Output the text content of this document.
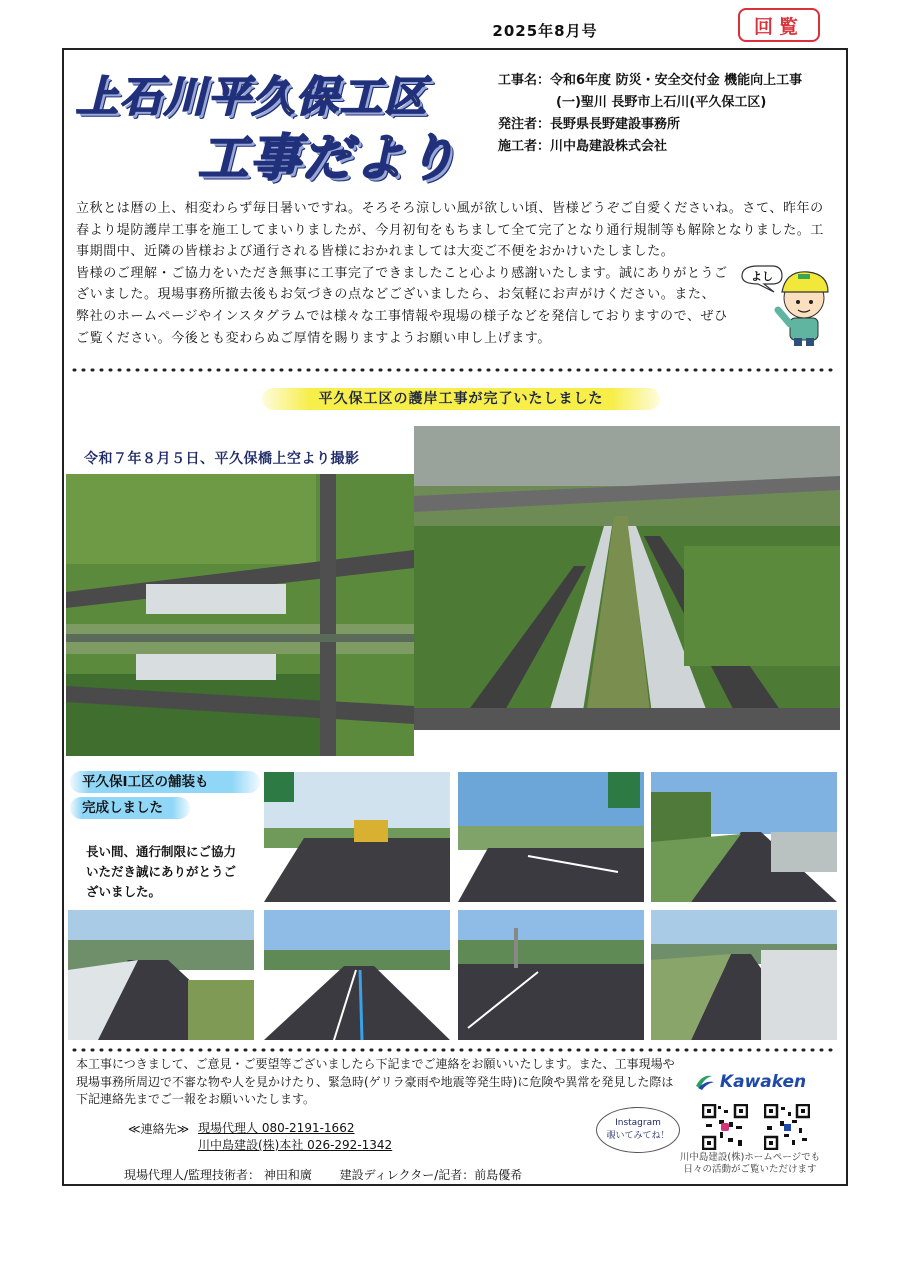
2025年8月号	回覧
上石川平久保工区
工事だより
工事名：令和6年度 防災・安全交付金 機能向上工事
(一)聖川 長野市上石川(平久保工区)
発注者：長野県長野建設事務所
施工者：川中島建設株式会社

立秋とは暦の上、相変わらず毎日暑いですね。そろそろ涼しい風が欲しい頃、皆様どうぞご自愛くださいね。さて、昨年の春より堤防護岸工事を施工してまいりましたが、今月初旬をもちまして全て完了となり通行規制等も解除となりました。工事期間中、近隣の皆様および通行される皆様におかれましては大変ご不便をおかけいたしました。

皆様のご理解・ご協力をいただき無事に工事完了できましたこと心より感謝いたします。誠にありがとうございました。現場事務所撤去後もお気づきの点などございましたら、お気軽にお声がけください。また、弊社のホームページやインスタグラムでは様々な工事情報や現場の様子などを発信しておりますので、ぜひご覧ください。今後とも変わらぬご厚情を賜りますようお願い申し上げます。

よし
平久保工区の護岸工事が完了いたしました
令和７年８月５日、平久保橋上空より撮影
平久保Ⅰ工区の舗装も
完成しました
長い間、通行制限にご協力いただき誠にありがとうございました。
本工事につきまして、ご意見・ご要望等ございましたら下記までご連絡をお願いいたします。また、工事現場や現場事務所周辺で不審な物や人を見かけたり、緊急時(ゲリラ豪雨や地震等発生時)に危険や異常を発見した際は下記連絡先までご一報をお願いいたします。
≪連絡先≫ 現場代理人 080-2191-1662
川中島建設(株)本社 026-292-1342
現場代理人/監理技術者： 神田和廣　　 建設ディレクター/記者：前島優希
Kawaken
Instagram
覗いてみてね！
川中島建設(株)ホームページでも日々の活動がご覧いただけます
